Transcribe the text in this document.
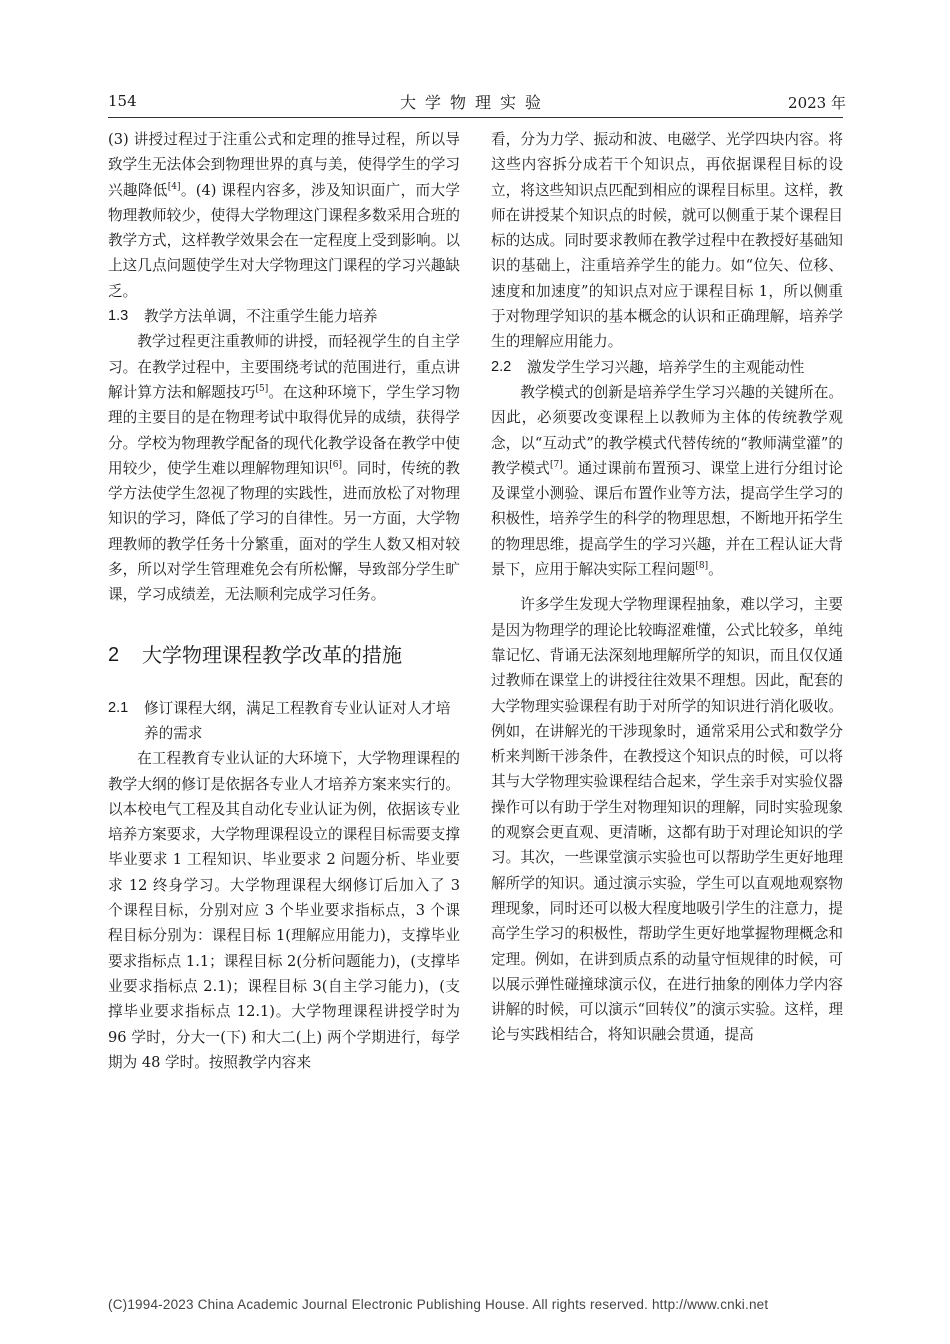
154	大学物理实验	2023 年

(3) 讲授过程过于注重公式和定理的推导过程，所以导致学生无法体会到物理世界的真与美，使得学生的学习兴趣降低[4]。(4) 课程内容多，涉及知识面广，而大学物理教师较少，使得大学物理这门课程多数采用合班的教学方式，这样教学效果会在一定程度上受到影响。以上这几点问题使学生对大学物理这门课程的学习兴趣缺乏。

1.3	教学方法单调，不注重学生能力培养

教学过程更注重教师的讲授，而轻视学生的自主学习。在教学过程中，主要围绕考试的范围进行，重点讲解计算方法和解题技巧[5]。在这种环境下，学生学习物理的主要目的是在物理考试中取得优异的成绩，获得学分。学校为物理教学配备的现代化教学设备在教学中使用较少，使学生难以理解物理知识[6]。同时，传统的教学方法使学生忽视了物理的实践性，进而放松了对物理知识的学习，降低了学习的自律性。另一方面，大学物理教师的教学任务十分繁重，面对的学生人数又相对较多，所以对学生管理难免会有所松懈，导致部分学生旷课，学习成绩差，无法顺利完成学习任务。

2	大学物理课程教学改革的措施

2.1	修订课程大纲，满足工程教育专业认证对人才培养的需求

在工程教育专业认证的大环境下，大学物理课程的教学大纲的修订是依据各专业人才培养方案来实行的。以本校电气工程及其自动化专业认证为例，依据该专业培养方案要求，大学物理课程设立的课程目标需要支撑毕业要求 1 工程知识、毕业要求 2 问题分析、毕业要求 12 终身学习。大学物理课程大纲修订后加入了 3 个课程目标，分别对应 3 个毕业要求指标点，3 个课程目标分别为：课程目标 1(理解应用能力)，支撑毕业要求指标点 1.1；课程目标 2(分析问题能力)，(支撑毕业要求指标点 2.1)；课程目标 3(自主学习能力)，(支撑毕业要求指标点 12.1)。大学物理课程讲授学时为 96 学时，分大一(下) 和大二(上) 两个学期进行，每学期为 48 学时。按照教学内容来

看，分为力学、振动和波、电磁学、光学四块内容。将这些内容拆分成若干个知识点，再依据课程目标的设立，将这些知识点匹配到相应的课程目标里。这样，教师在讲授某个知识点的时候，就可以侧重于某个课程目标的达成。同时要求教师在教学过程中在教授好基础知识的基础上，注重培养学生的能力。如“位矢、位移、速度和加速度”的知识点对应于课程目标 1，所以侧重于对物理学知识的基本概念的认识和正确理解，培养学生的理解应用能力。

2.2	激发学生学习兴趣，培养学生的主观能动性

教学模式的创新是培养学生学习兴趣的关键所在。因此，必须要改变课程上以教师为主体的传统教学观念，以“互动式”的教学模式代替传统的“教师满堂灌”的教学模式[7]。通过课前布置预习、课堂上进行分组讨论及课堂小测验、课后布置作业等方法，提高学生学习的积极性，培养学生的科学的物理思想，不断地开拓学生的物理思维，提高学生的学习兴趣，并在工程认证大背景下，应用于解决实际工程问题[8]。

许多学生发现大学物理课程抽象，难以学习，主要是因为物理学的理论比较晦涩难懂，公式比较多，单纯靠记忆、背诵无法深刻地理解所学的知识，而且仅仅通过教师在课堂上的讲授往往效果不理想。因此，配套的大学物理实验课程有助于对所学的知识进行消化吸收。例如，在讲解光的干涉现象时，通常采用公式和数学分析来判断干涉条件，在教授这个知识点的时候，可以将其与大学物理实验课程结合起来，学生亲手对实验仪器操作可以有助于学生对物理知识的理解，同时实验现象的观察会更直观、更清晰，这都有助于对理论知识的学习。其次，一些课堂演示实验也可以帮助学生更好地理解所学的知识。通过演示实验，学生可以直观地观察物理现象，同时还可以极大程度地吸引学生的注意力，提高学生学习的积极性，帮助学生更好地掌握物理概念和定理。例如，在讲到质点系的动量守恒规律的时候，可以展示弹性碰撞球演示仪，在进行抽象的刚体力学内容讲解的时候，可以演示“回转仪”的演示实验。这样，理论与实践相结合，将知识融会贯通，提高

(C)1994-2023 China Academic Journal Electronic Publishing House. All rights reserved. http://www.cnki.net
